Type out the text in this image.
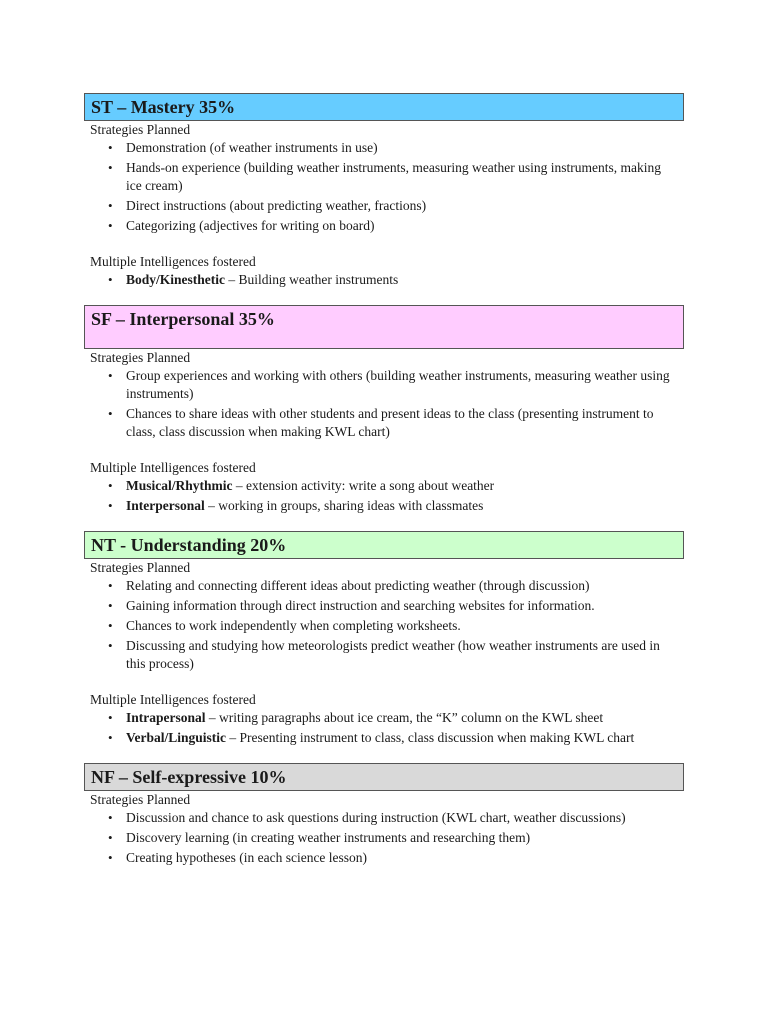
ST – Mastery 35%
Strategies Planned
• Demonstration (of weather instruments in use)
• Hands-on experience (building weather instruments, measuring weather using instruments, making ice cream)
• Direct instructions (about predicting weather, fractions)
• Categorizing (adjectives for writing on board)
Multiple Intelligences fostered
• Body/Kinesthetic – Building weather instruments
SF – Interpersonal 35%
Strategies Planned
• Group experiences and working with others (building weather instruments, measuring weather using instruments)
• Chances to share ideas with other students and present ideas to the class (presenting instrument to class, class discussion when making KWL chart)
Multiple Intelligences fostered
• Musical/Rhythmic – extension activity: write a song about weather
• Interpersonal – working in groups, sharing ideas with classmates
NT - Understanding 20%
Strategies Planned
• Relating and connecting different ideas about predicting weather (through discussion)
• Gaining information through direct instruction and searching websites for information.
• Chances to work independently when completing worksheets.
• Discussing and studying how meteorologists predict weather (how weather instruments are used in this process)
Multiple Intelligences fostered
• Intrapersonal – writing paragraphs about ice cream, the “K” column on the KWL sheet
• Verbal/Linguistic – Presenting instrument to class, class discussion when making KWL chart
NF – Self-expressive 10%
Strategies Planned
• Discussion and chance to ask questions during instruction (KWL chart, weather discussions)
• Discovery learning (in creating weather instruments and researching them)
• Creating hypotheses (in each science lesson)
